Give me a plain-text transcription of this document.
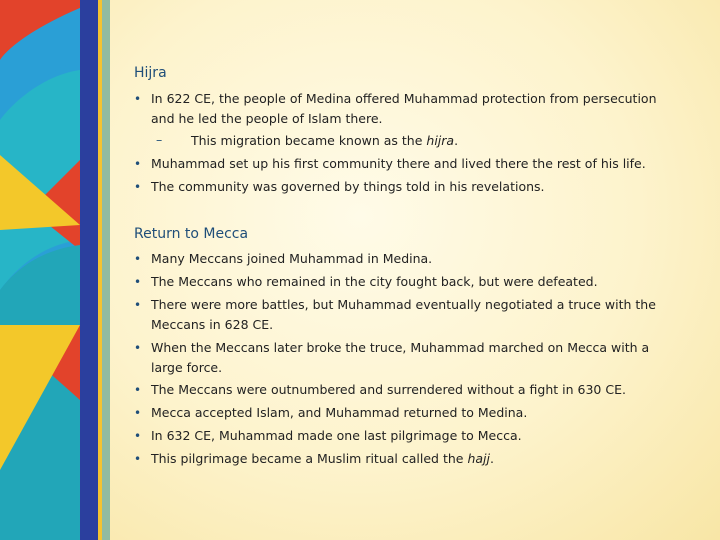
Hijra
• In 622 CE, the people of Medina offered Muhammad protection from persecution and he led the people of Islam there.
–	This migration became known as the hijra.
• Muhammad set up his first community there and lived there the rest of his life.
• The community was governed by things told in his revelations.
Return to Mecca
• Many Meccans joined Muhammad in Medina.
• The Meccans who remained in the city fought back, but were defeated.
• There were more battles, but Muhammad eventually negotiated a truce with the Meccans in 628 CE.
• When the Meccans later broke the truce, Muhammad marched on Mecca with a large force.
• The Meccans were outnumbered and surrendered without a fight in 630 CE.
• Mecca accepted Islam, and Muhammad returned to Medina.
• In 632 CE, Muhammad made one last pilgrimage to Mecca.
• This pilgrimage became a Muslim ritual called the hajj.
